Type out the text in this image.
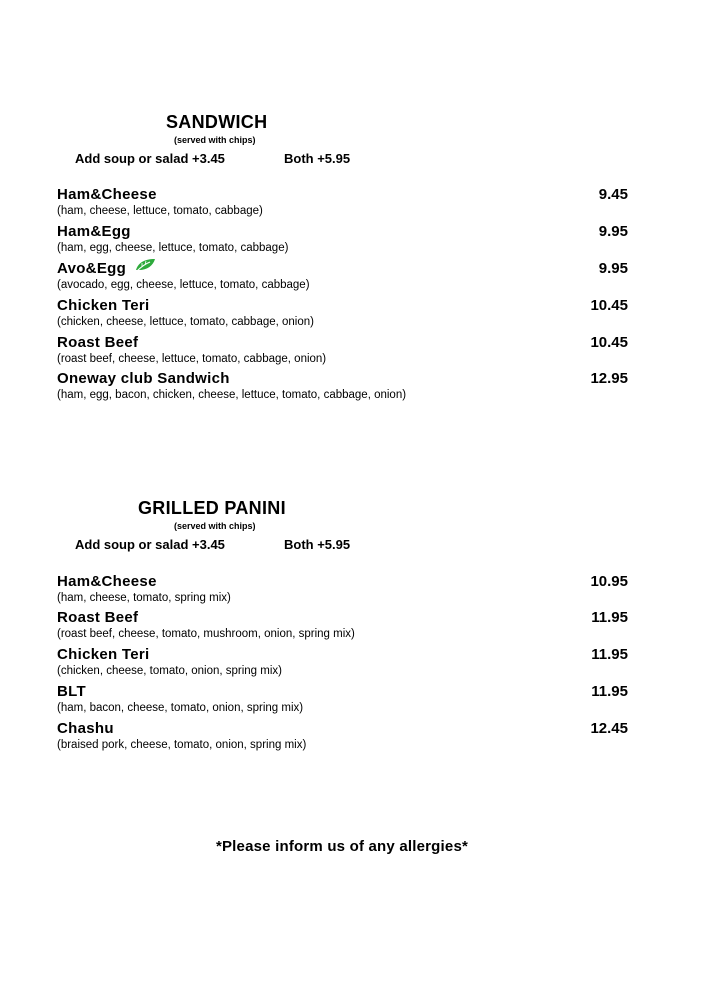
SANDWICH
(served with chips)
Add soup or salad +3.45	Both +5.95
Ham&Cheese	9.45
(ham, cheese, lettuce, tomato, cabbage)
Ham&Egg	9.95
(ham, egg, cheese, lettuce, tomato, cabbage)
Avo&Egg	9.95
(avocado, egg, cheese, lettuce, tomato, cabbage)
Chicken Teri	10.45
(chicken, cheese, lettuce, tomato, cabbage, onion)
Roast Beef	10.45
(roast beef, cheese, lettuce, tomato, cabbage, onion)
Oneway club Sandwich	12.95
(ham, egg, bacon, chicken, cheese, lettuce, tomato, cabbage, onion)
GRILLED PANINI
(served with chips)
Add soup or salad +3.45	Both +5.95
Ham&Cheese	10.95
(ham, cheese, tomato, spring mix)
Roast Beef	11.95
(roast beef, cheese, tomato, mushroom, onion, spring mix)
Chicken Teri	11.95
(chicken, cheese, tomato, onion, spring mix)
BLT	11.95
(ham, bacon, cheese, tomato, onion, spring mix)
Chashu	12.45
(braised pork, cheese, tomato, onion, spring mix)
*Please inform us of any allergies*
